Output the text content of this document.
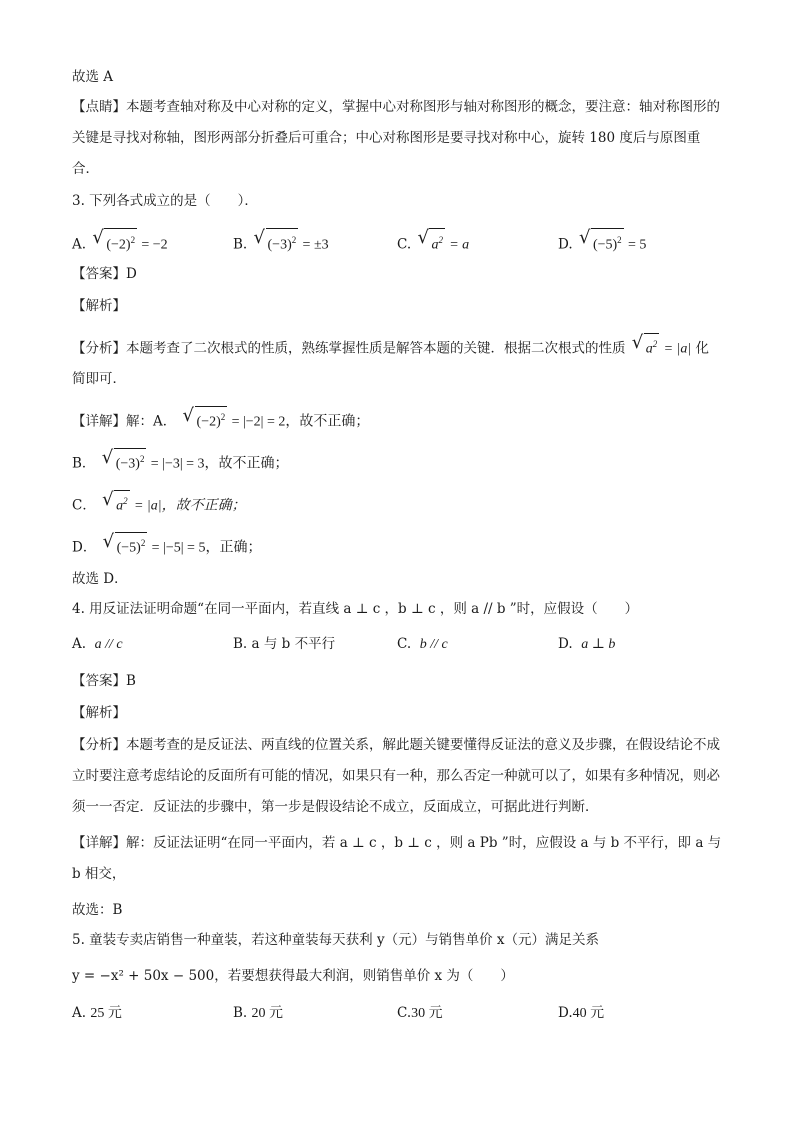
故选 A
【点睛】本题考查轴对称及中心对称的定义，掌握中心对称图形与轴对称图形的概念，要注意：轴对称图形的关键是寻找对称轴，图形两部分折叠后可重合；中心对称图形是要寻找对称中心，旋转 180 度后与原图重合．
3. 下列各式成立的是（　　）．
A. √ $(-2)^2 = -2$	B. √ $(-3)^2 = \pm 3$	C. √ $a^2 = a$	D. √ $(-5)^2 = 5$
【答案】D
【解析】
【分析】本题考查了二次根式的性质，熟练掌握性质是解答本题的关键．根据二次根式的性质 √ $a^2 = |a|$ 化
简即可．
【详解】解：A． √ $(-2)^2 = |-2| = 2$，故不正确；
B． √ $(-3)^2 = |-3| = 3$，故不正确；
C． √ $a^2 = |a|$，故不正确；
D． √ $(-5)^2 = |-5| = 5$，正确；
故选 D．
4. 用反证法证明命题“在同一平面内，若直线 a ⊥ c ，b ⊥ c ，则 a // b ”时，应假设（　　）
A. a // c	B. a 与 b 不平行	C. b // c	D. a ⊥ b
【答案】B
【解析】
【分析】本题考查的是反证法、两直线的位置关系，解此题关键要懂得反证法的意义及步骤，在假设结论不成立时要注意考虑结论的反面所有可能的情况，如果只有一种，那么否定一种就可以了，如果有多种情况，则必须一一否定．反证法的步骤中，第一步是假设结论不成立，反面成立，可据此进行判断．
【详解】解：反证法证明“在同一平面内，若 a ⊥ c ，b ⊥ c ，则 a Pb ”时，应假设 a 与 b 不平行，即 a 与 b 相交，
故选：B
5. 童装专卖店销售一种童装，若这种童装每天获利 y（元）与销售单价 x（元）满足关系
y = −x² + 50x − 500，若要想获得最大利润，则销售单价 x 为（　　）
A. 25 元	B. 20 元	C.30 元	D.40 元
